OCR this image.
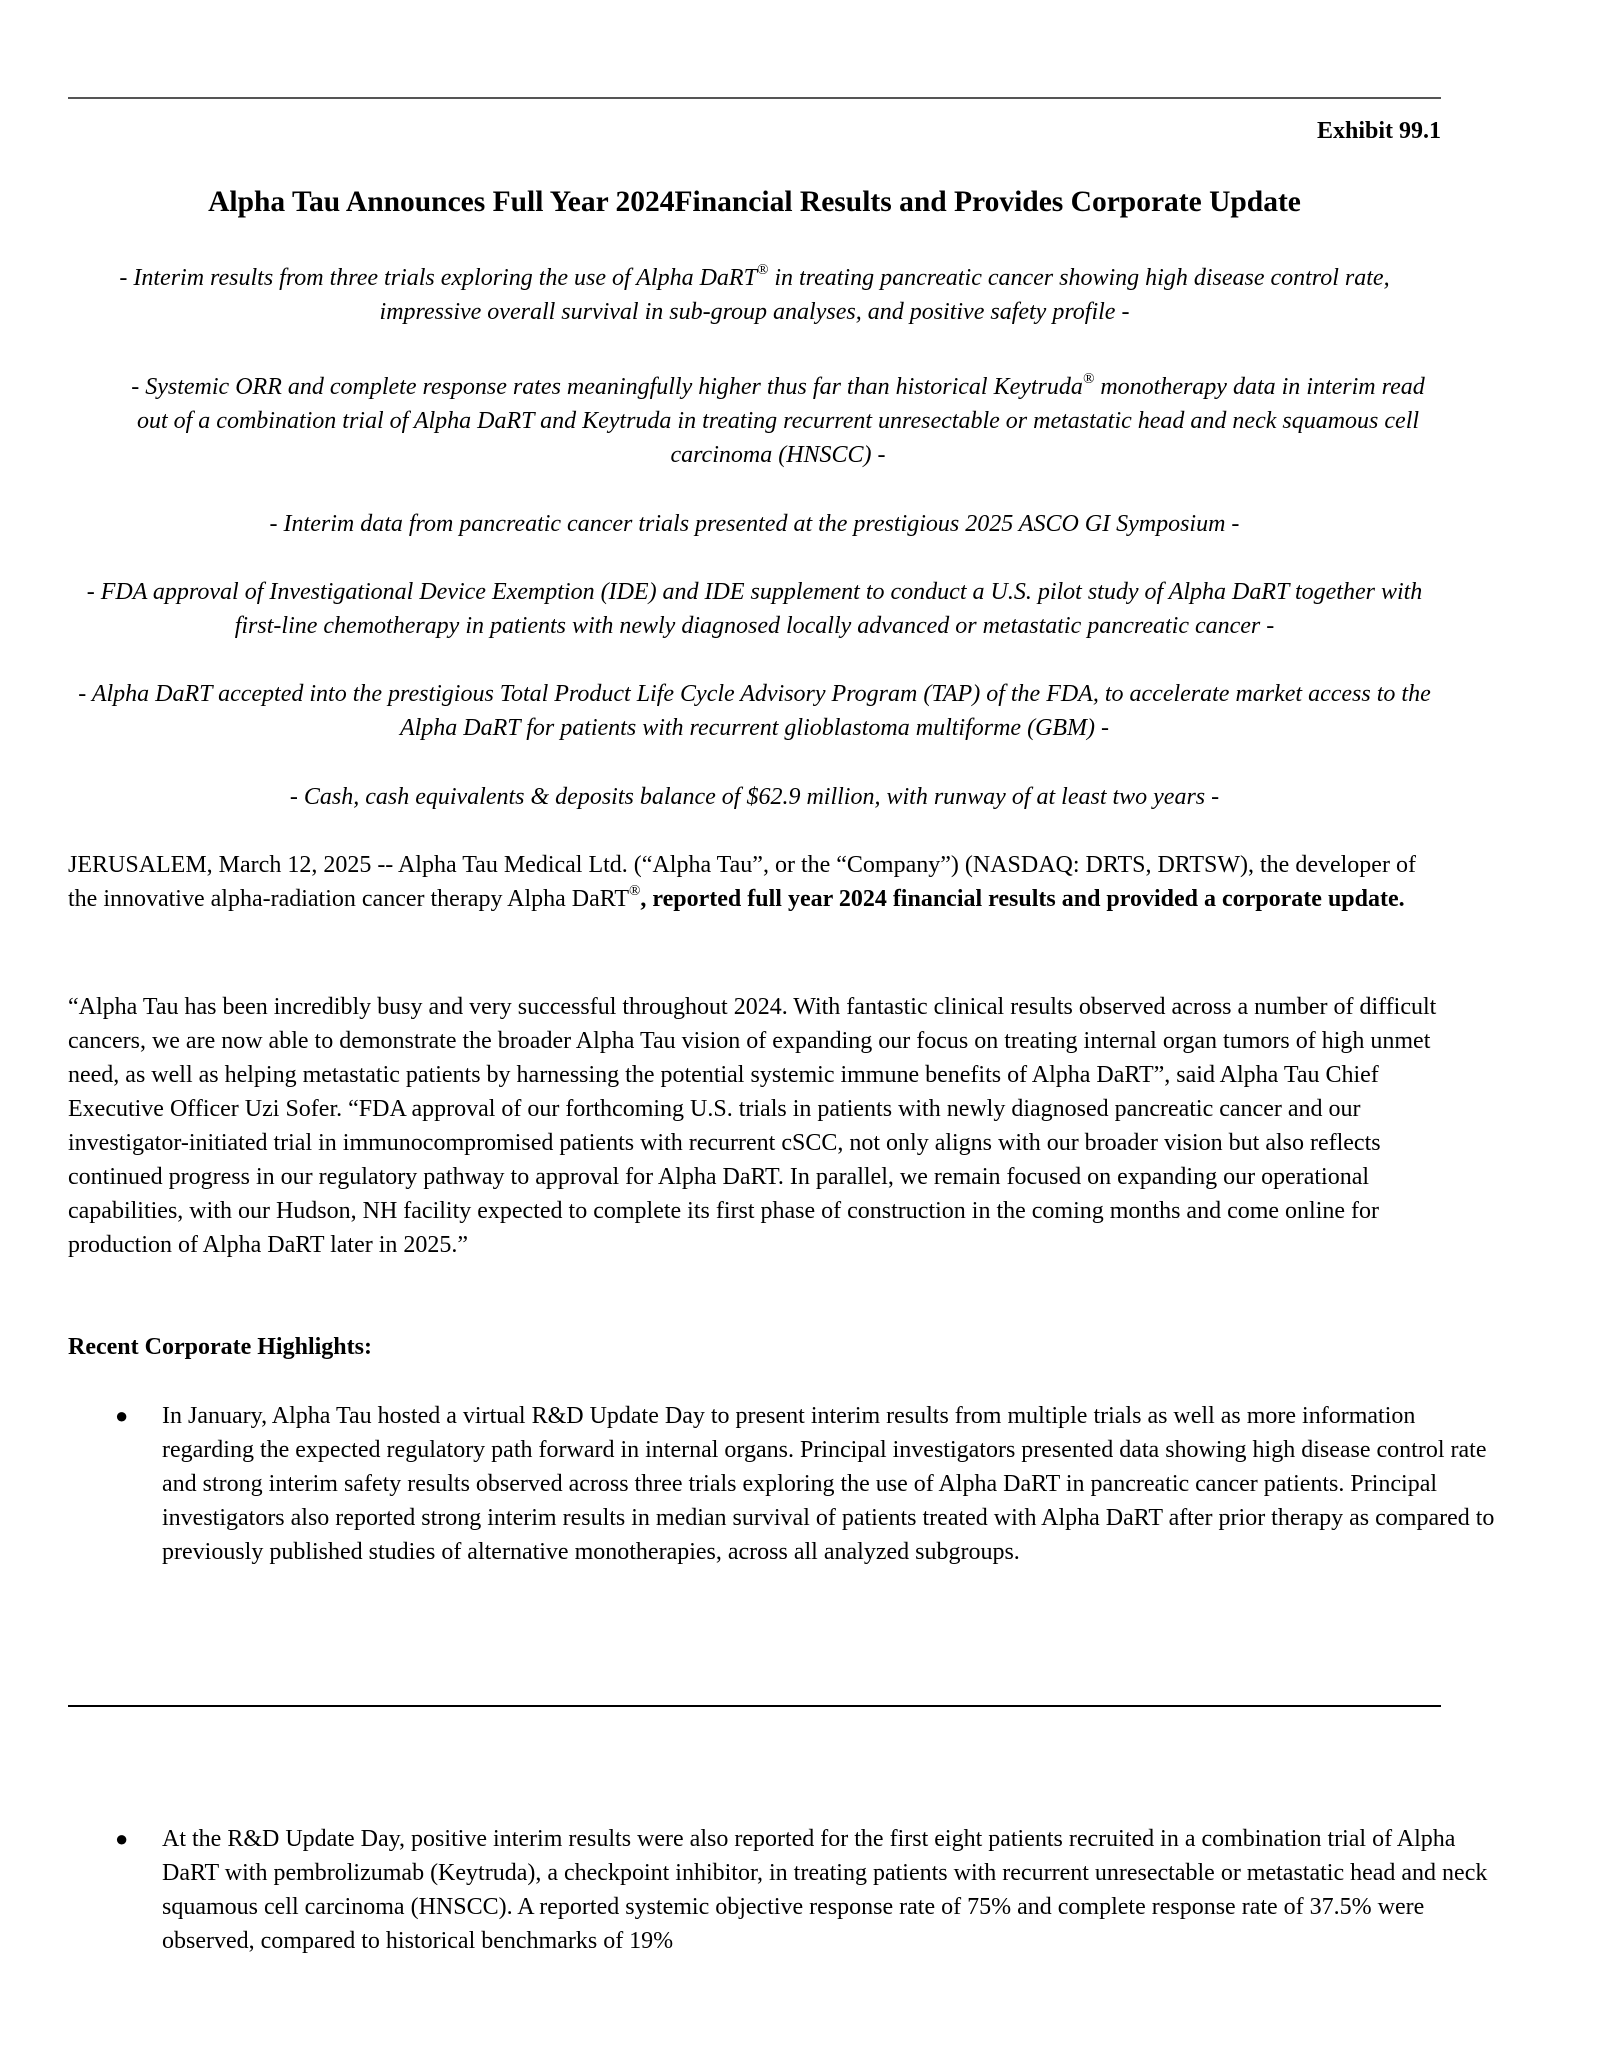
Exhibit 99.1
Alpha Tau Announces Full Year 2024Financial Results and Provides Corporate Update
- Interim results from three trials exploring the use of Alpha DaRT® in treating pancreatic cancer showing high disease control rate, impressive overall survival in sub-group analyses, and positive safety profile -
- Systemic ORR and complete response rates meaningfully higher thus far than historical Keytruda® monotherapy data in interim read out of a combination trial of Alpha DaRT and Keytruda in treating recurrent unresectable or metastatic head and neck squamous cell carcinoma (HNSCC) -
- Interim data from pancreatic cancer trials presented at the prestigious 2025 ASCO GI Symposium -
- FDA approval of Investigational Device Exemption (IDE) and IDE supplement to conduct a U.S. pilot study of Alpha DaRT together with first-line chemotherapy in patients with newly diagnosed locally advanced or metastatic pancreatic cancer -
- Alpha DaRT accepted into the prestigious Total Product Life Cycle Advisory Program (TAP) of the FDA, to accelerate market access to the Alpha DaRT for patients with recurrent glioblastoma multiforme (GBM) -
- Cash, cash equivalents & deposits balance of $62.9 million, with runway of at least two years -
JERUSALEM, March 12, 2025 -- Alpha Tau Medical Ltd. (“Alpha Tau”, or the “Company”) (NASDAQ: DRTS, DRTSW), the developer of the innovative alpha-radiation cancer therapy Alpha DaRT®, reported full year 2024 financial results and provided a corporate update.
“Alpha Tau has been incredibly busy and very successful throughout 2024. With fantastic clinical results observed across a number of difficult cancers, we are now able to demonstrate the broader Alpha Tau vision of expanding our focus on treating internal organ tumors of high unmet need, as well as helping metastatic patients by harnessing the potential systemic immune benefits of Alpha DaRT”, said Alpha Tau Chief Executive Officer Uzi Sofer. “FDA approval of our forthcoming U.S. trials in patients with newly diagnosed pancreatic cancer and our investigator-initiated trial in immunocompromised patients with recurrent cSCC, not only aligns with our broader vision but also reflects continued progress in our regulatory pathway to approval for Alpha DaRT. In parallel, we remain focused on expanding our operational capabilities, with our Hudson, NH facility expected to complete its first phase of construction in the coming months and come online for production of Alpha DaRT later in 2025.”
Recent Corporate Highlights:
● In January, Alpha Tau hosted a virtual R&D Update Day to present interim results from multiple trials as well as more information regarding the expected regulatory path forward in internal organs. Principal investigators presented data showing high disease control rate and strong interim safety results observed across three trials exploring the use of Alpha DaRT in pancreatic cancer patients. Principal investigators also reported strong interim results in median survival of patients treated with Alpha DaRT after prior therapy as compared to previously published studies of alternative monotherapies, across all analyzed subgroups.
● At the R&D Update Day, positive interim results were also reported for the first eight patients recruited in a combination trial of Alpha DaRT with pembrolizumab (Keytruda), a checkpoint inhibitor, in treating patients with recurrent unresectable or metastatic head and neck squamous cell carcinoma (HNSCC). A reported systemic objective response rate of 75% and complete response rate of 37.5% were observed, compared to historical benchmarks of 19%
